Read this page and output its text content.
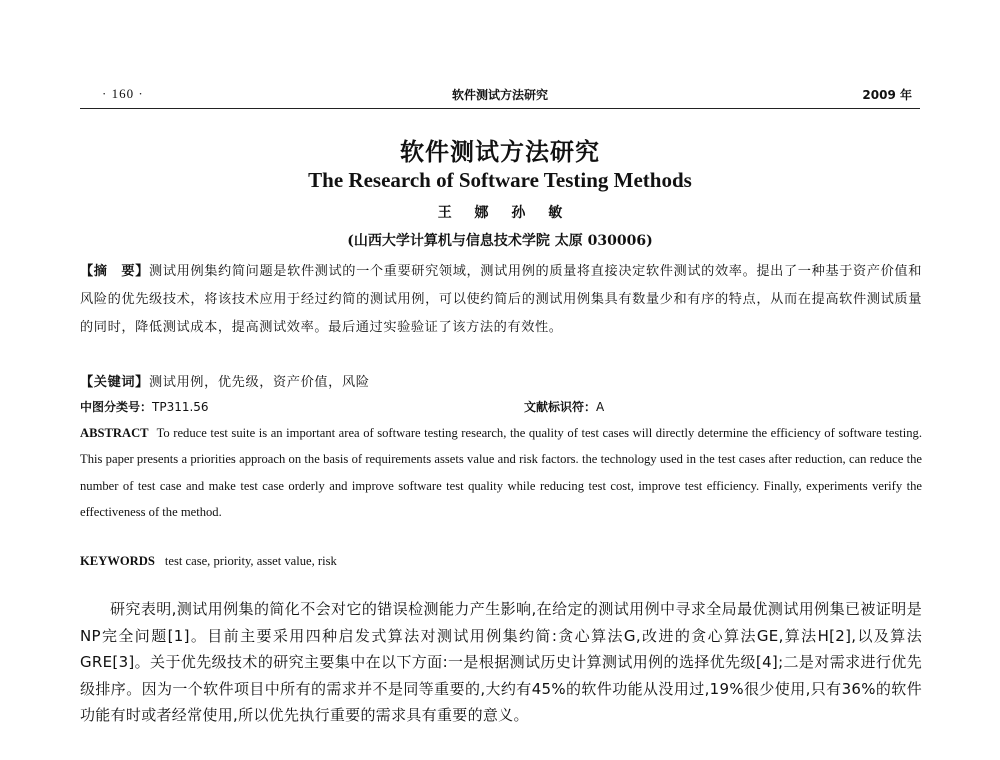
· 160 ·	软件测试方法研究	2009 年
软件测试方法研究
The Research of Software Testing Methods
王 娜 孙 敏
(山西大学计算机与信息技术学院 太原 030006)
【摘　要】测试用例集约简问题是软件测试的一个重要研究领域，测试用例的质量将直接决定软件测试的效率。提出了一种基于资产价值和风险的优先级技术，将该技术应用于经过约简的测试用例，可以使约简后的测试用例集具有数量少和有序的特点，从而在提高软件测试质量的同时，降低测试成本，提高测试效率。最后通过实验验证了该方法的有效性。
【关键词】测试用例，优先级，资产价值，风险
中图分类号：TP311.56	文献标识符：A
ABSTRACT To reduce test suite is an important area of software testing research, the quality of test cases will directly determine the efficiency of software testing. This paper presents a priorities approach on the basis of requirements assets value and risk factors. the technology used in the test cases after reduction, can reduce the number of test case and make test case orderly and improve software test quality while reducing test cost, improve test efficiency. Finally, experiments verify the effectiveness of the method.
KEYWORDS test case, priority, asset value, risk
研究表明,测试用例集的简化不会对它的错误检测能力产生影响,在给定的测试用例中寻求全局最优测试用例集已被证明是NP完全问题[1]。目前主要采用四种启发式算法对测试用例集约简:贪心算法G,改进的贪心算法GE,算法H[2],以及算法GRE[3]。关于优先级技术的研究主要集中在以下方面:一是根据测试历史计算测试用例的选择优先级[4];二是对需求进行优先级排序。因为一个软件项目中所有的需求并不是同等重要的,大约有45%的软件功能从没用过,19%很少使用,只有36%的软件功能有时或者经常使用,所以优先执行重要的需求具有重要的意义。
